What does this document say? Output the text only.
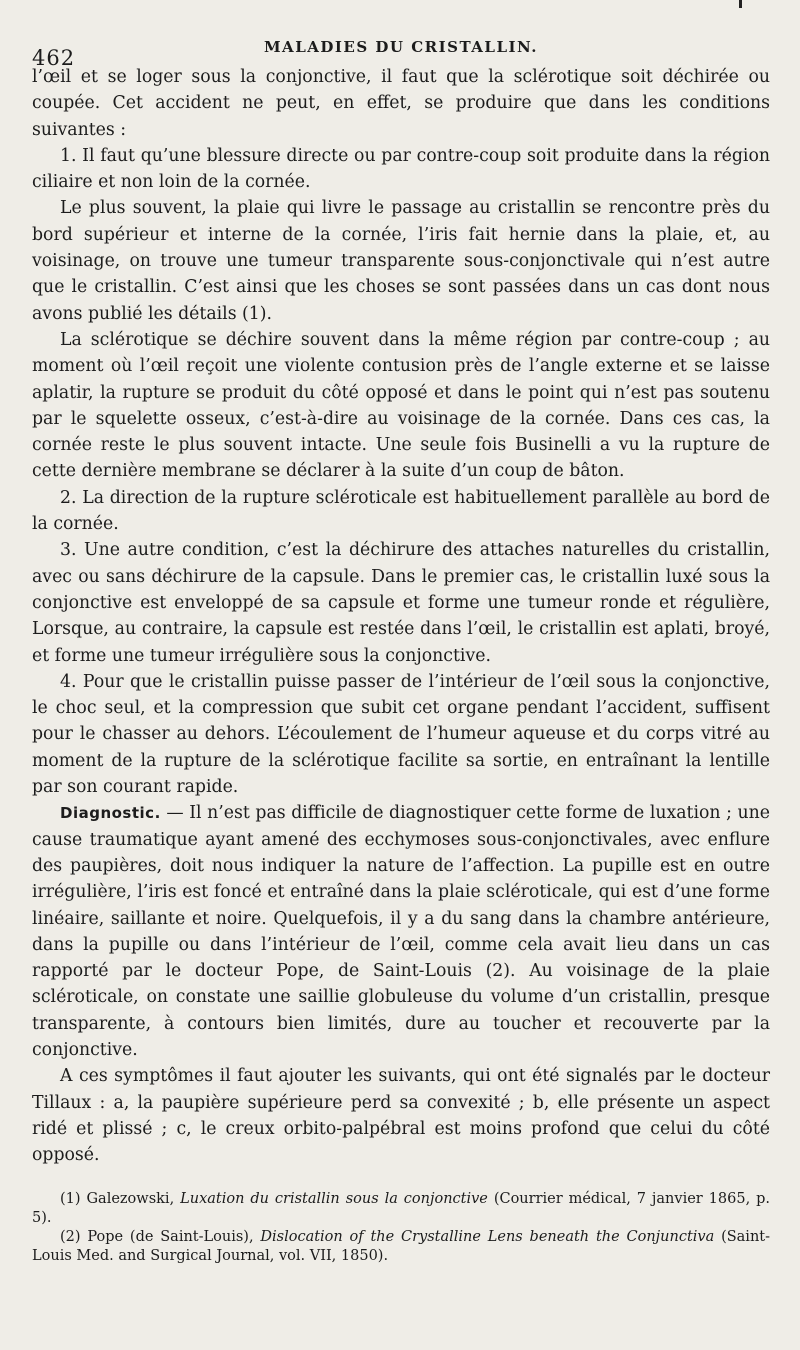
462	MALADIES DU CRISTALLIN.

l’œil et se loger sous la conjonctive, il faut que la sclérotique soit déchirée ou coupée. Cet accident ne peut, en effet, se produire que dans les conditions suivantes :

1. Il faut qu’une blessure directe ou par contre-coup soit produite dans la région ciliaire et non loin de la cornée.

Le plus souvent, la plaie qui livre le passage au cristallin se rencontre près du bord supérieur et interne de la cornée, l’iris fait hernie dans la plaie, et, au voisinage, on trouve une tumeur transparente sous-conjonctivale qui n’est autre que le cristallin. C’est ainsi que les choses se sont passées dans un cas dont nous avons publié les détails (1).

La sclérotique se déchire souvent dans la même région par contre-coup ; au moment où l’œil reçoit une violente contusion près de l’angle externe et se laisse aplatir, la rupture se produit du côté opposé et dans le point qui n’est pas soutenu par le squelette osseux, c’est-à-dire au voisinage de la cornée. Dans ces cas, la cornée reste le plus souvent intacte. Une seule fois Businelli a vu la rupture de cette dernière membrane se déclarer à la suite d’un coup de bâton.

2. La direction de la rupture scléroticale est habituellement parallèle au bord de la cornée.

3. Une autre condition, c’est la déchirure des attaches naturelles du cristallin, avec ou sans déchirure de la capsule. Dans le premier cas, le cristallin luxé sous la conjonctive est enveloppé de sa capsule et forme une tumeur ronde et régulière, Lorsque, au contraire, la capsule est restée dans l’œil, le cristallin est aplati, broyé, et forme une tumeur irrégulière sous la conjonctive.

4. Pour que le cristallin puisse passer de l’intérieur de l’œil sous la conjonctive, le choc seul, et la compression que subit cet organe pendant l’accident, suffisent pour le chasser au dehors. L’écoulement de l’humeur aqueuse et du corps vitré au moment de la rupture de la sclérotique facilite sa sortie, en entraînant la lentille par son courant rapide.

Diagnostic. — Il n’est pas difficile de diagnostiquer cette forme de luxation ; une cause traumatique ayant amené des ecchymoses sous-conjonctivales, avec enflure des paupières, doit nous indiquer la nature de l’affection. La pupille est en outre irrégulière, l’iris est foncé et entraîné dans la plaie scléroticale, qui est d’une forme linéaire, saillante et noire. Quelquefois, il y a du sang dans la chambre antérieure, dans la pupille ou dans l’intérieur de l’œil, comme cela avait lieu dans un cas rapporté par le docteur Pope, de Saint-Louis (2). Au voisinage de la plaie scléroticale, on constate une saillie globuleuse du volume d’un cristallin, presque transparente, à contours bien limités, dure au toucher et recouverte par la conjonctive.

A ces symptômes il faut ajouter les suivants, qui ont été signalés par le docteur Tillaux : a, la paupière supérieure perd sa convexité ; b, elle présente un aspect ridé et plissé ; c, le creux orbito-palpébral est moins profond que celui du côté opposé.

(1) Galezowski, Luxation du cristallin sous la conjonctive (Courrier médical, 7 janvier 1865, p. 5).

(2) Pope (de Saint-Louis), Dislocation of the Crystalline Lens beneath the Conjunctiva (Saint-Louis Med. and Surgical Journal, vol. VII, 1850).
